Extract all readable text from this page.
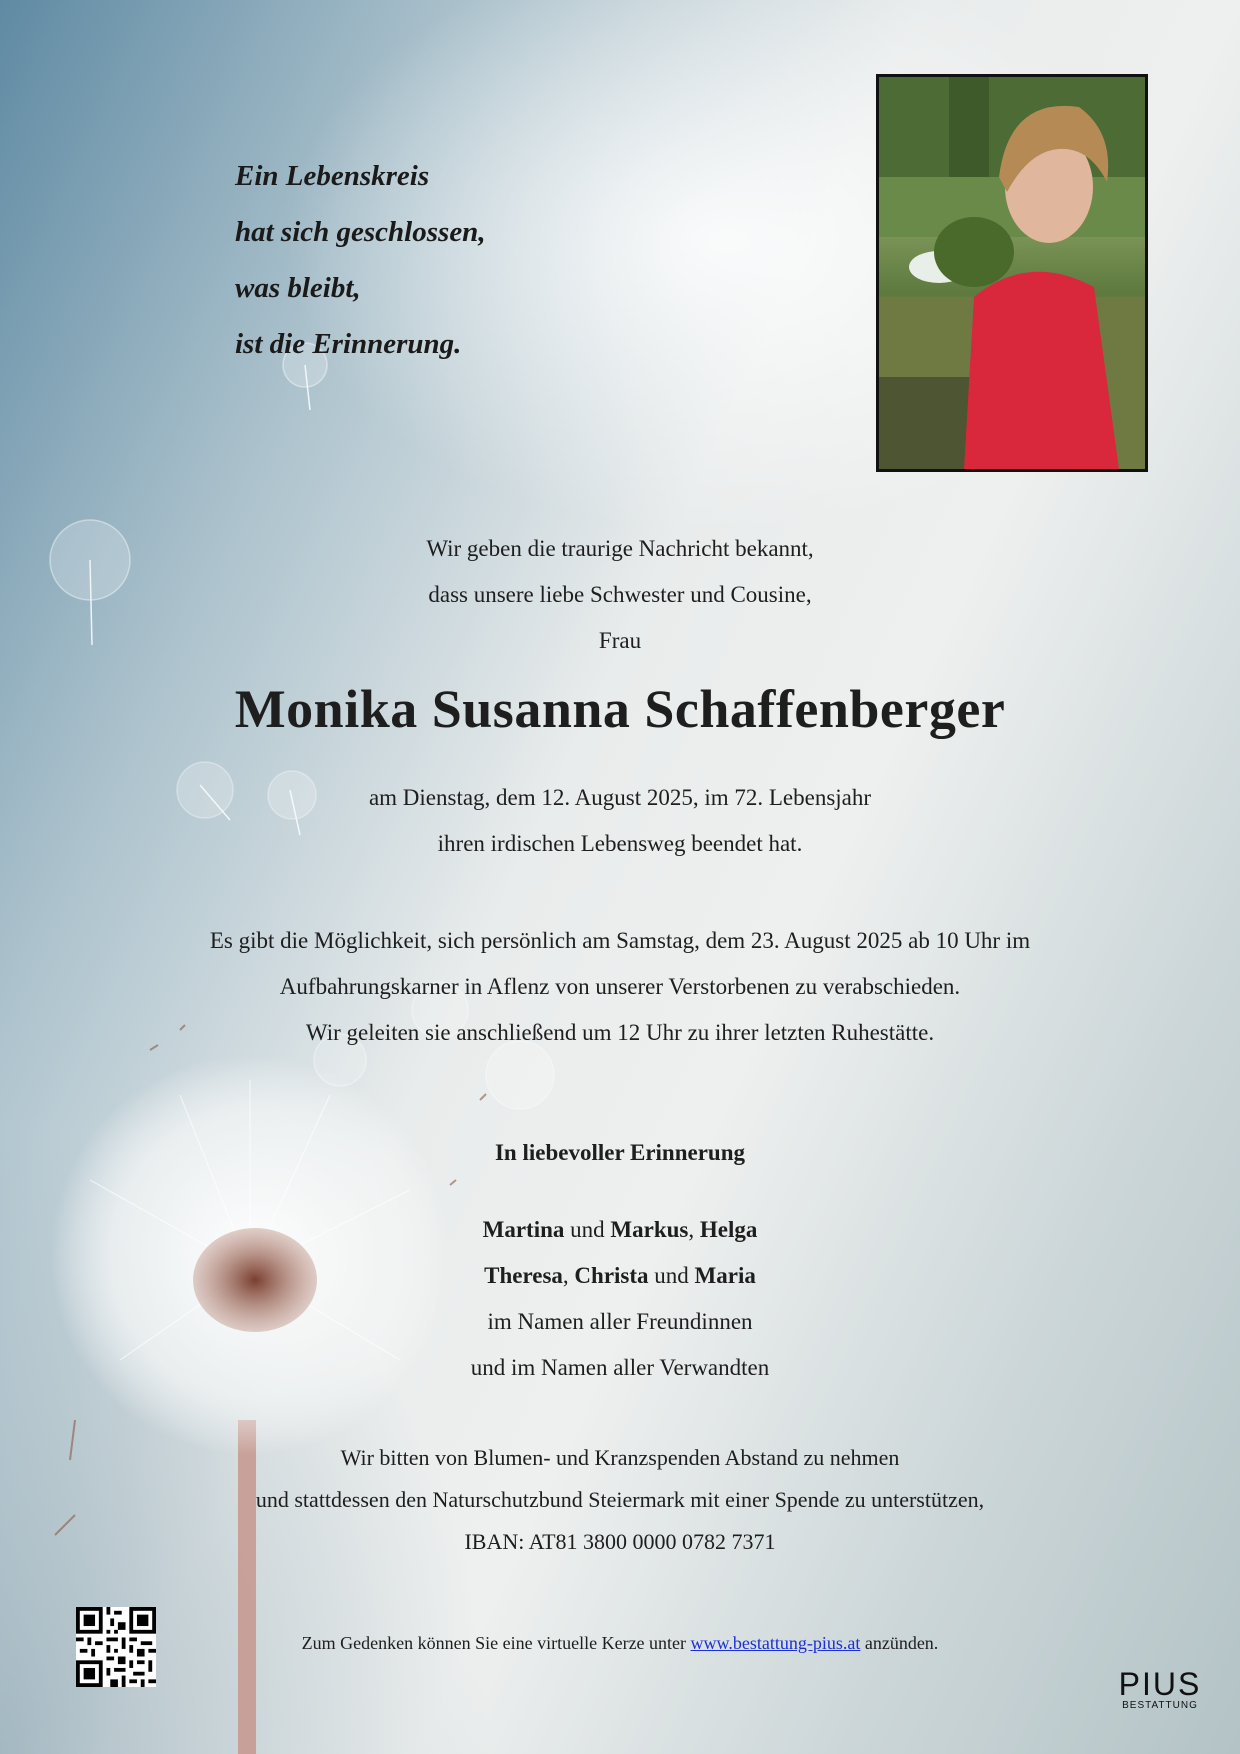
Ein Lebenskreis
hat sich geschlossen,
was bleibt,
ist die Erinnerung.
Wir geben die traurige Nachricht bekannt,
dass unsere liebe Schwester und Cousine,
Frau
Monika Susanna Schaffenberger
am Dienstag, dem 12. August 2025, im 72. Lebensjahr
ihren irdischen Lebensweg beendet hat.
Es gibt die Möglichkeit, sich persönlich am Samstag, dem 23. August 2025 ab 10 Uhr im
Aufbahrungskarner in Aflenz von unserer Verstorbenen zu verabschieden.
Wir geleiten sie anschließend um 12 Uhr zu ihrer letzten Ruhestätte.
In liebevoller Erinnerung
Martina und Markus, Helga
Theresa, Christa und Maria
im Namen aller Freundinnen
und im Namen aller Verwandten
Wir bitten von Blumen- und Kranzspenden Abstand zu nehmen
und stattdessen den Naturschutzbund Steiermark mit einer Spende zu unterstützen,
IBAN: AT81 3800 0000 0782 7371
Zum Gedenken können Sie eine virtuelle Kerze unter www.bestattung-pius.at anzünden.
PIUS
BESTATTUNG
